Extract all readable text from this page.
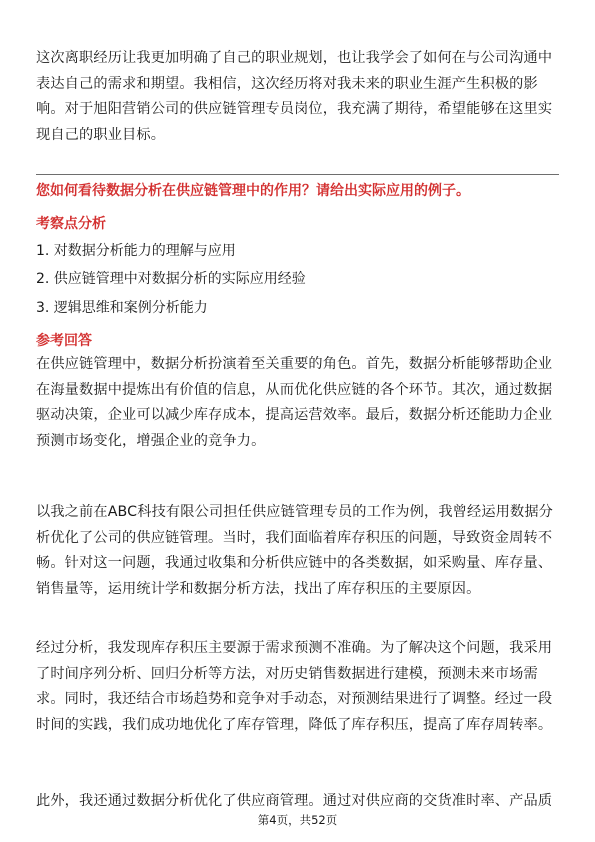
这次离职经历让我更加明确了自己的职业规划，也让我学会了如何在与公司沟通中表达自己的需求和期望。我相信，这次经历将对我未来的职业生涯产生积极的影响。对于旭阳营销公司的供应链管理专员岗位，我充满了期待，希望能够在这里实现自己的职业目标。

您如何看待数据分析在供应链管理中的作用？请给出实际应用的例子。

考察点分析

1. 对数据分析能力的理解与应用

2. 供应链管理中对数据分析的实际应用经验

3. 逻辑思维和案例分析能力

参考回答

在供应链管理中，数据分析扮演着至关重要的角色。首先，数据分析能够帮助企业在海量数据中提炼出有价值的信息，从而优化供应链的各个环节。其次，通过数据驱动决策，企业可以减少库存成本，提高运营效率。最后，数据分析还能助力企业预测市场变化，增强企业的竞争力。

以我之前在ABC科技有限公司担任供应链管理专员的工作为例，我曾经运用数据分析优化了公司的供应链管理。当时，我们面临着库存积压的问题，导致资金周转不畅。针对这一问题，我通过收集和分析供应链中的各类数据，如采购量、库存量、销售量等，运用统计学和数据分析方法，找出了库存积压的主要原因。

经过分析，我发现库存积压主要源于需求预测不准确。为了解决这个问题，我采用了时间序列分析、回归分析等方法，对历史销售数据进行建模，预测未来市场需求。同时，我还结合市场趋势和竞争对手动态，对预测结果进行了调整。经过一段时间的实践，我们成功地优化了库存管理，降低了库存积压，提高了库存周转率。

此外，我还通过数据分析优化了供应商管理。通过对供应商的交货准时率、产品质

第4页，共52页
